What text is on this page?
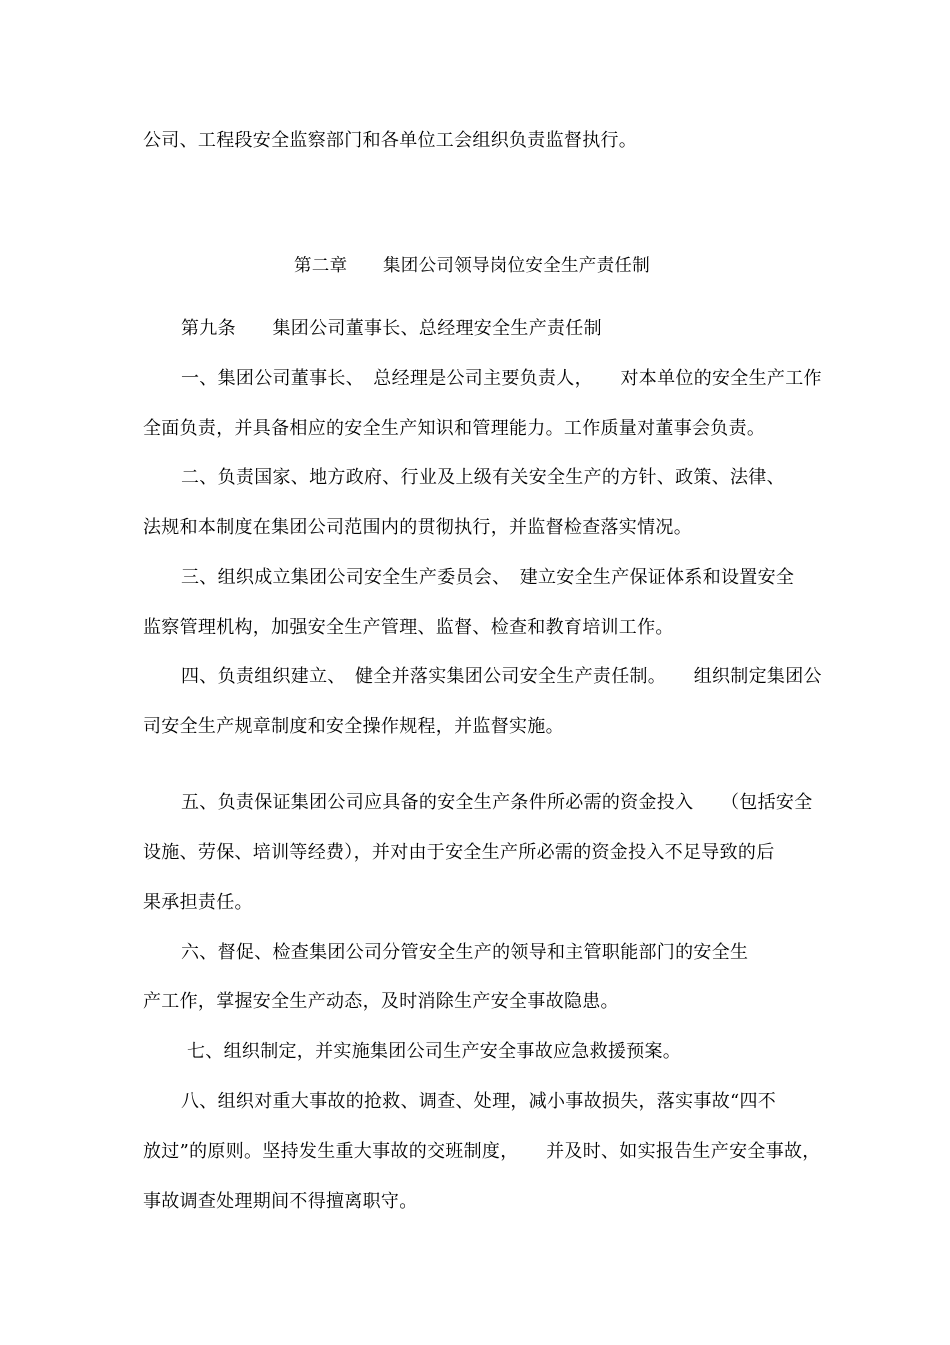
公司、工程段安全监察部门和各单位工会组织负责监督执行。
第二章　　集团公司领导岗位安全生产责任制
第九条　　集团公司董事长、总经理安全生产责任制
一、集团公司董事长、　总经理是公司主要负责人，　　对本单位的安全生产工作
全面负责，并具备相应的安全生产知识和管理能力。工作质量对董事会负责。
二、负责国家、地方政府、行业及上级有关安全生产的方针、政策、法律、
法规和本制度在集团公司范围内的贯彻执行，并监督检查落实情况。
三、组织成立集团公司安全生产委员会、　建立安全生产保证体系和设置安全
监察管理机构，加强安全生产管理、监督、检查和教育培训工作。
四、负责组织建立、　健全并落实集团公司安全生产责任制。　　组织制定集团公
司安全生产规章制度和安全操作规程，并监督实施。
五、负责保证集团公司应具备的安全生产条件所必需的资金投入　　（包括安全
设施、劳保、培训等经费），并对由于安全生产所必需的资金投入不足导致的后
果承担责任。
六、督促、检查集团公司分管安全生产的领导和主管职能部门的安全生
产工作，掌握安全生产动态，及时消除生产安全事故隐患。
七、组织制定，并实施集团公司生产安全事故应急救援预案。
八、组织对重大事故的抢救、调查、处理，减小事故损失，落实事故“四不
放过”的原则。坚持发生重大事故的交班制度，　　并及时、如实报告生产安全事故，
事故调查处理期间不得擅离职守。
